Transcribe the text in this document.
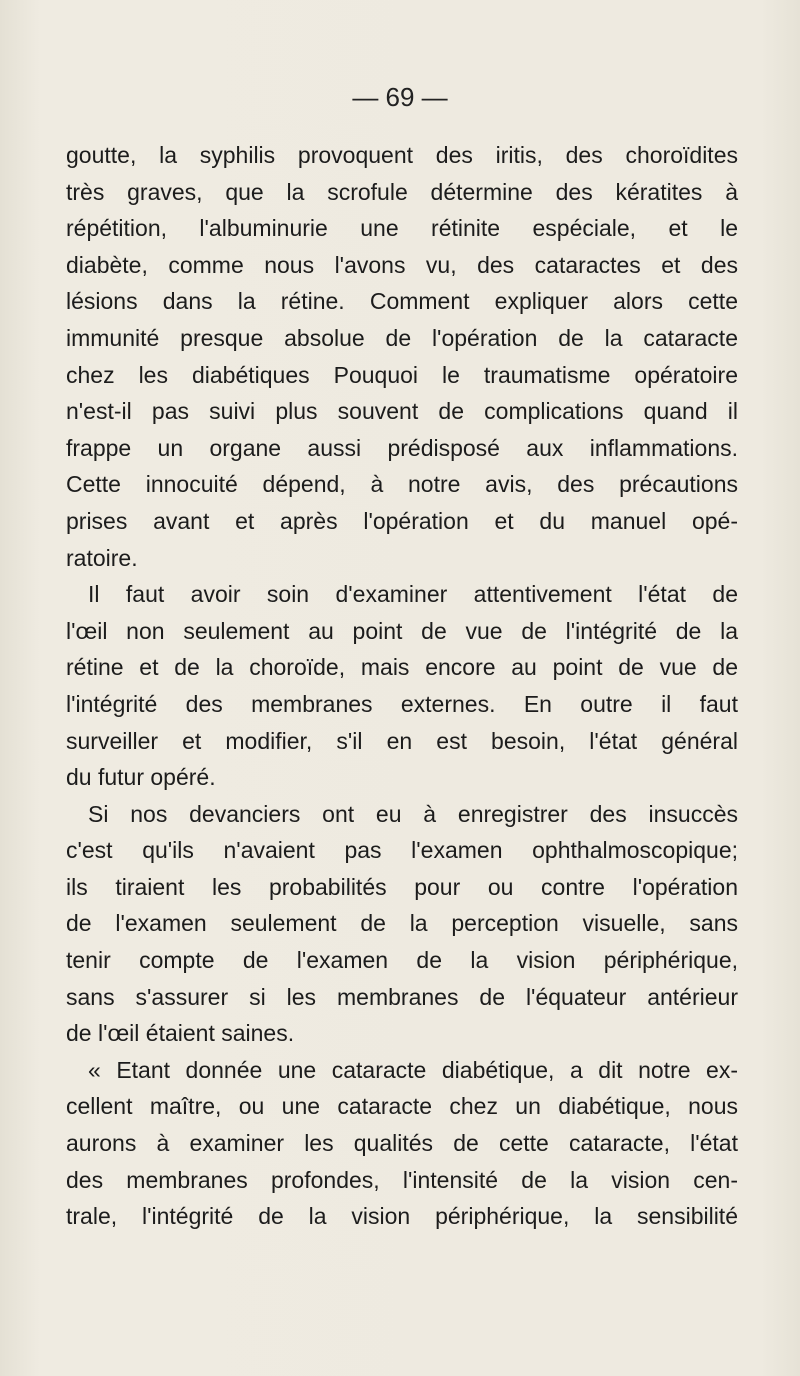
— 69 —
goutte, la syphilis provoquent des iritis, des choroïdites
très graves, que la scrofule détermine des kératites à
répétition, l'albuminurie une rétinite espéciale, et le
diabète, comme nous l'avons vu, des cataractes et des
lésions dans la rétine. Comment expliquer alors cette
immunité presque absolue de l'opération de la cataracte
chez les diabétiques Pouquoi le traumatisme opératoire
n'est-il pas suivi plus souvent de complications quand il
frappe un organe aussi prédisposé aux inflammations.
Cette innocuité dépend, à notre avis, des précautions
prises avant et après l'opération et du manuel opé-
ratoire.
Il faut avoir soin d'examiner attentivement l'état de
l'œil non seulement au point de vue de l'intégrité de la
rétine et de la choroïde, mais encore au point de vue de
l'intégrité des membranes externes. En outre il faut
surveiller et modifier, s'il en est besoin, l'état général
du futur opéré.
Si nos devanciers ont eu à enregistrer des insuccès
c'est qu'ils n'avaient pas l'examen ophthalmoscopique;
ils tiraient les probabilités pour ou contre l'opération
de l'examen seulement de la perception visuelle, sans
tenir compte de l'examen de la vision périphérique,
sans s'assurer si les membranes de l'équateur antérieur
de l'œil étaient saines.
« Etant donnée une cataracte diabétique, a dit notre ex-
cellent maître, ou une cataracte chez un diabétique, nous
aurons à examiner les qualités de cette cataracte, l'état
des membranes profondes, l'intensité de la vision cen-
trale, l'intégrité de la vision périphérique, la sensibilité
